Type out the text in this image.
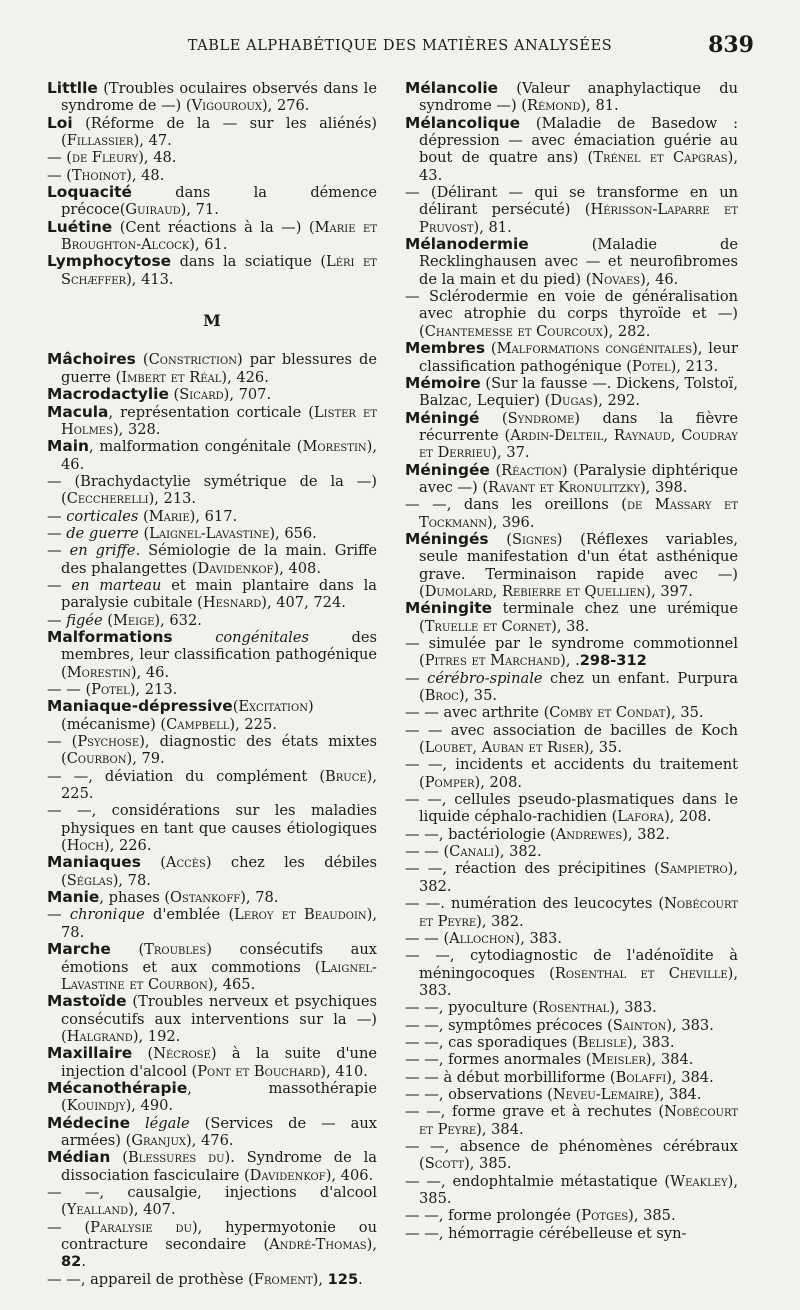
TABLE ALPHABÉTIQUE DES MATIÈRES ANALYSÉES	839

Littlle (Troubles oculaires observés dans le syndrome de —) (Vigouroux), 276.

Loi (Réforme de la — sur les aliénés) (Fillassier), 47.

— (de Fleury), 48.

— (Thoinot), 48.

Loquacité dans la démence précoce(Guiraud), 71.

Luétine (Cent réactions à la —) (Marie et Broughton-Alcock), 61.

Lymphocytose dans la sciatique (Léri et Schæffer), 413.

M

Mâchoires (Constriction) par blessures de guerre (Imbert et Réal), 426.

Macrodactylie (Sicard), 707.

Macula, représentation corticale (Lister et Holmes), 328.

Main, malformation congénitale (Morestin), 46.

— (Brachydactylie symétrique de la —) (Ceccherelli), 213.

— corticales (Marie), 617.

— de guerre (Laignel-Lavastine), 656.

— en griffe. Sémiologie de la main. Griffe des phalangettes (Davidenkof), 408.

— en marteau et main plantaire dans la paralysie cubitale (Hesnard), 407, 724.

— figée (Meige), 632.

Malformations	congénitales des membres, leur classification pathogénique (Morestin), 46.

— — (Potel), 213.

Maniaque-dépressive(Excitation)(mécanisme) (Campbell), 225.

— (Psychose), diagnostic des états mixtes (Courbon), 79.

— —, déviation du complément (Bruce), 225.

— —, considérations sur les maladies physiques en tant que causes étiologiques (Hoch), 226.

Maniaques (Accès) chez les débiles (Séglas), 78.

Manie, phases (Ostankoff), 78.

— chronique d'emblée (Leroy et Beaudoin), 78.

Marche (Troubles) consécutifs aux émotions et aux commotions (Laignel-Lavastine et Courbon), 465.

Mastoïde (Troubles nerveux et psychiques consécutifs aux interventions sur la —) (Halgrand), 192.

Maxillaire (Nécrose) à la suite d'une injection d'alcool (Pont et Bouchard), 410.

Mécanothérapie, massothérapie (Kouindjy), 490.

Médecine légale (Services de — aux armées) (Granjux), 476.

Médian (Blessures du). Syndrome de la dissociation fasciculaire (Davidenkof), 406.

— —, causalgie, injections d'alcool (Yealland), 407.

— (Paralysie du), hypermyotonie ou contracture secondaire (André-Thomas), 82.

— —, appareil de prothèse (Froment), 125.

Mélancolie (Valeur anaphylactique du syndrome —) (Rémond), 81.

Mélancolique (Maladie de Basedow : dépression — avec émaciation guérie au bout de quatre ans) (Trénel et Capgras), 43.

— (Délirant — qui se transforme en un délirant persécuté) (Hérisson-Laparre et Pruvost), 81.

Mélanodermie (Maladie de Recklinghausen avec — et neurofibromes de la main et du pied) (Novaes), 46.

— Sclérodermie en voie de généralisation avec atrophie du corps thyroïde et —) (Chantemesse et Courcoux), 282.

Membres (Malformations congénitales), leur classification pathogénique (Potel), 213.

Mémoire (Sur la fausse —. Dickens, Tolstoï, Balzac, Lequier) (Dugas), 292.

Méningé (Syndrome) dans la fièvre récurrente (Ardin-Delteil, Raynaud, Coudray et Derrieu), 37.

Méningée (Réaction) (Paralysie diphtérique avec —) (Ravant et Kronulitzky), 398.

— —, dans les oreillons (de Massary et Tockmann), 396.

Méningés (Signes) (Réflexes variables, seule manifestation d'un état asthénique grave. Terminaison rapide avec —) (Dumolard, Rebierre et Quellien), 397.

Méningite terminale chez une urémique (Truelle et Cornet), 38.

— simulée par le syndrome commotionnel (Pitres et Marchand), .298-312

— cérébro-spinale chez un enfant. Purpura (Broc), 35.

— — avec arthrite (Comby et Condat), 35.

— — avec association de bacilles de Koch (Loubet, Auban et Riser), 35.

— —, incidents et accidents du traitement (Pomper), 208.

— —, cellules pseudo-plasmatiques dans le liquide céphalo-rachidien (Lafora), 208.

— —, bactériologie (Andrewes), 382.

— — (Canali), 382.

— —, réaction des précipitines (Sampietro), 382.

— —. numération des leucocytes (Nobécourt et Peyre), 382.

— — (Allochon), 383.

— —, cytodiagnostic de l'adénoïdite à méningocoques (Rosenthal et Cheville), 383.

— —, pyoculture (Rosenthal), 383.

— —, symptômes précoces (Sainton), 383.

— —, cas sporadiques (Belisle), 383.

— —, formes anormales (Meisler), 384.

— — à début morbilliforme (Bolaffi), 384.

— —, observations (Neveu-Lemaire), 384.

— —, forme grave et à rechutes (Nobécourt et Peyre), 384.

— —, absence de phénomènes cérébraux (Scott), 385.

— —, endophtalmie métastatique (Weakley), 385.

— —, forme prolongée (Potges), 385.

— —, hémorragie cérébelleuse et syn-
